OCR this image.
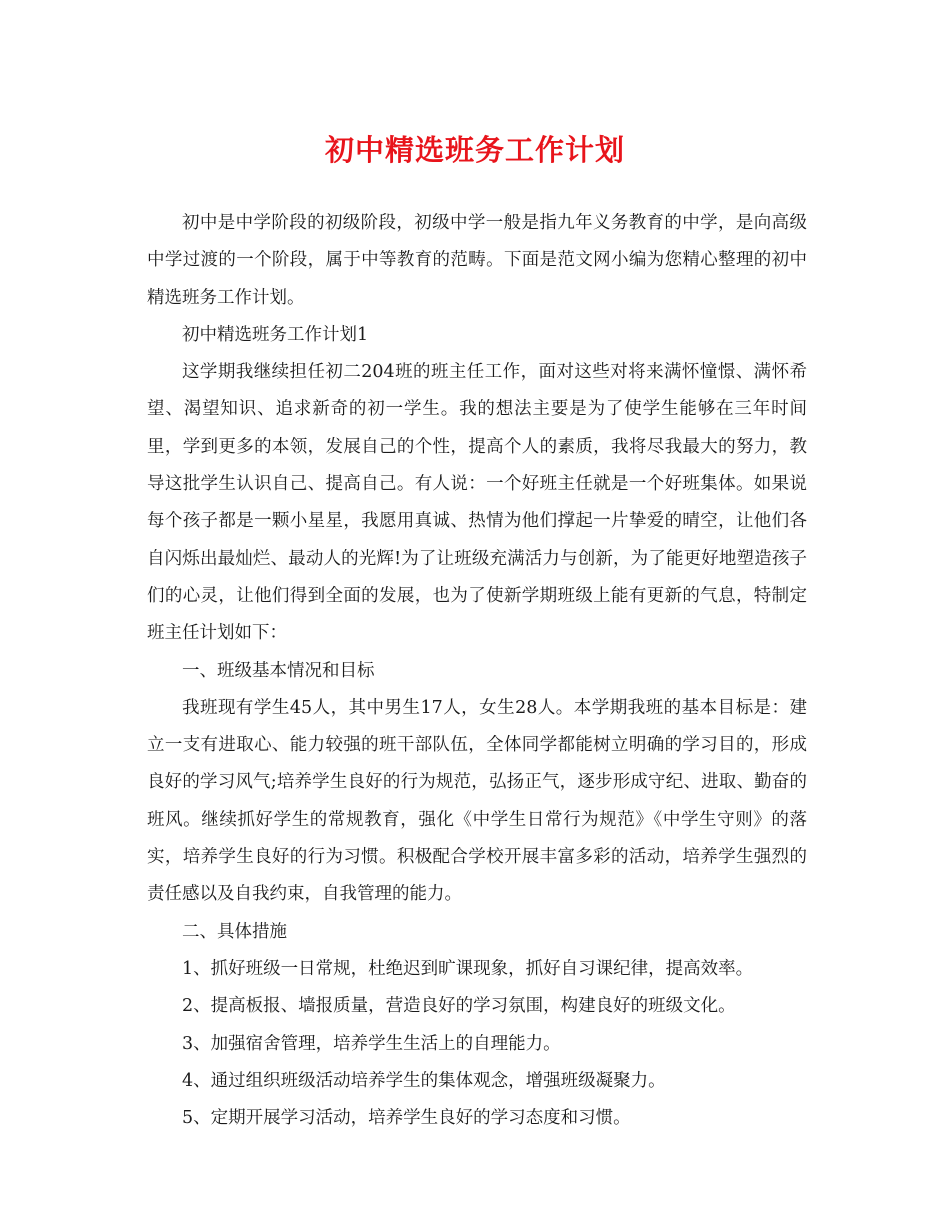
初中精选班务工作计划

初中是中学阶段的初级阶段，初级中学一般是指九年义务教育的中学，是向高级中学过渡的一个阶段，属于中等教育的范畴。下面是范文网小编为您精心整理的初中精选班务工作计划。

初中精选班务工作计划1

这学期我继续担任初二204班的班主任工作，面对这些对将来满怀憧憬、满怀希望、渴望知识、追求新奇的初一学生。我的想法主要是为了使学生能够在三年时间里，学到更多的本领，发展自己的个性，提高个人的素质，我将尽我最大的努力，教导这批学生认识自己、提高自己。有人说：一个好班主任就是一个好班集体。如果说每个孩子都是一颗小星星，我愿用真诚、热情为他们撑起一片挚爱的晴空，让他们各自闪烁出最灿烂、最动人的光辉!为了让班级充满活力与创新，为了能更好地塑造孩子们的心灵，让他们得到全面的发展，也为了使新学期班级上能有更新的气息，特制定班主任计划如下：

一、班级基本情况和目标

我班现有学生45人，其中男生17人，女生28人。本学期我班的基本目标是：建立一支有进取心、能力较强的班干部队伍，全体同学都能树立明确的学习目的，形成良好的学习风气;培养学生良好的行为规范，弘扬正气，逐步形成守纪、进取、勤奋的班风。继续抓好学生的常规教育，强化《中学生日常行为规范》《中学生守则》的落实，培养学生良好的行为习惯。积极配合学校开展丰富多彩的活动，培养学生强烈的责任感以及自我约束，自我管理的能力。

二、具体措施

1、抓好班级一日常规，杜绝迟到旷课现象，抓好自习课纪律，提高效率。

2、提高板报、墙报质量，营造良好的学习氛围，构建良好的班级文化。

3、加强宿舍管理，培养学生生活上的自理能力。

4、通过组织班级活动培养学生的集体观念，增强班级凝聚力。

5、定期开展学习活动，培养学生良好的学习态度和习惯。
